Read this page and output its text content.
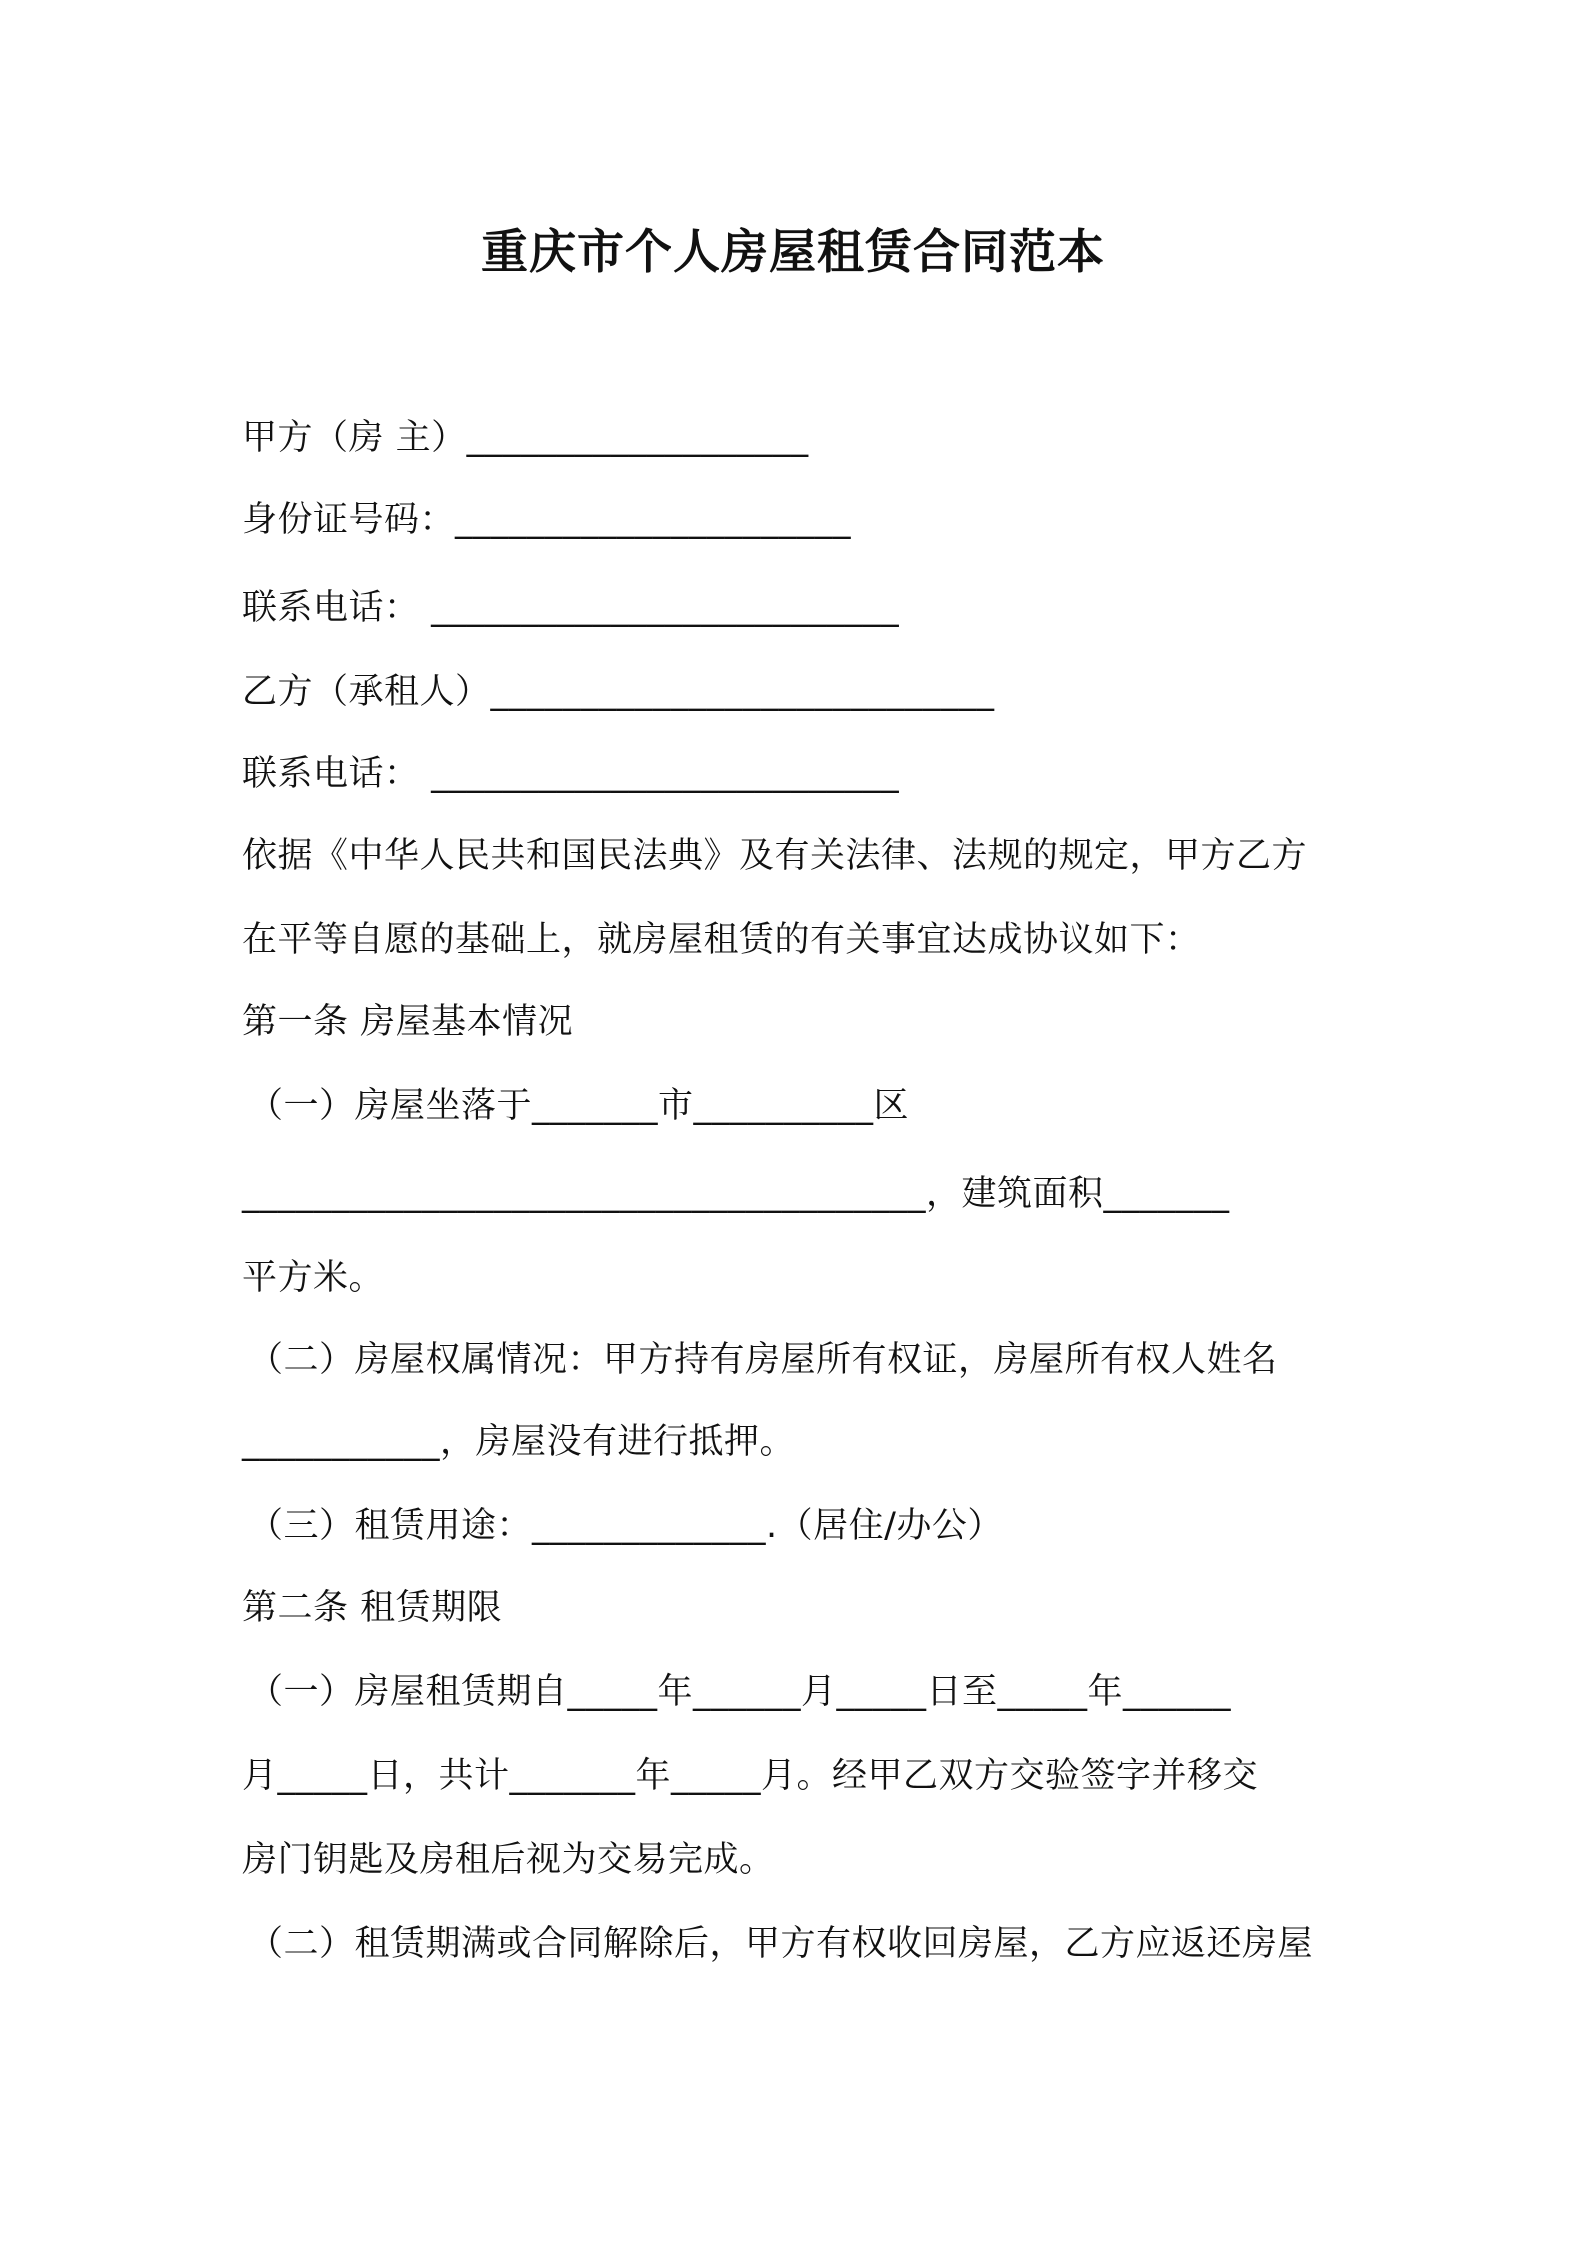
重庆市个人房屋租赁合同范本
甲方（房 主）___________________
身份证号码：______________________
联系电话： __________________________
乙方（承租人）____________________________
联系电话： __________________________
依据《中华人民共和国民法典》及有关法律、法规的规定，甲方乙方
在平等自愿的基础上，就房屋租赁的有关事宜达成协议如下：
第一条 房屋基本情况
（一）房屋坐落于_______市__________区
______________________________________，建筑面积_______
平方米。
（二）房屋权属情况：甲方持有房屋所有权证，房屋所有权人姓名
___________，房屋没有进行抵押。
（三）租赁用途：_____________.（居住/办公）
第二条 租赁期限
（一）房屋租赁期自_____年______月_____日至_____年______
月_____日，共计_______年_____月。经甲乙双方交验签字并移交
房门钥匙及房租后视为交易完成。
（二）租赁期满或合同解除后，甲方有权收回房屋，乙方应返还房屋
